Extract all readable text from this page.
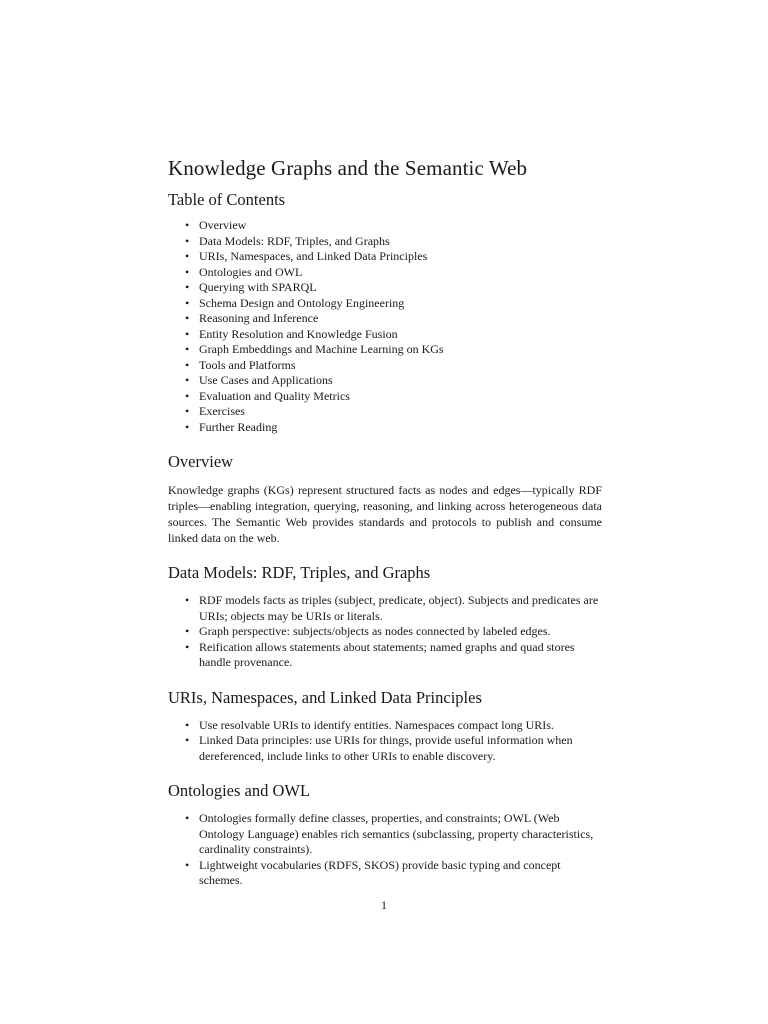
Knowledge Graphs and the Semantic Web
Table of Contents
• Overview
• Data Models: RDF, Triples, and Graphs
• URIs, Namespaces, and Linked Data Principles
• Ontologies and OWL
• Querying with SPARQL
• Schema Design and Ontology Engineering
• Reasoning and Inference
• Entity Resolution and Knowledge Fusion
• Graph Embeddings and Machine Learning on KGs
• Tools and Platforms
• Use Cases and Applications
• Evaluation and Quality Metrics
• Exercises
• Further Reading
Overview

Knowledge graphs (KGs) represent structured facts as nodes and edges—typically RDF triples—enabling integration, querying, reasoning, and linking across heterogeneous data sources. The Semantic Web provides standards and protocols to publish and consume linked data on the web.

Data Models: RDF, Triples, and Graphs
• RDF models facts as triples (subject, predicate, object). Subjects and predicates are URIs; objects may be URIs or literals.
• Graph perspective: subjects/objects as nodes connected by labeled edges.
• Reification allows statements about statements; named graphs and quad stores handle provenance.
URIs, Namespaces, and Linked Data Principles
• Use resolvable URIs to identify entities. Namespaces compact long URIs.
• Linked Data principles: use URIs for things, provide useful information when dereferenced, include links to other URIs to enable discovery.
Ontologies and OWL
• Ontologies formally define classes, properties, and constraints; OWL (Web Ontology Language) enables rich semantics (subclassing, property characteristics, cardinality constraints).
• Lightweight vocabularies (RDFS, SKOS) provide basic typing and concept schemes.
1
